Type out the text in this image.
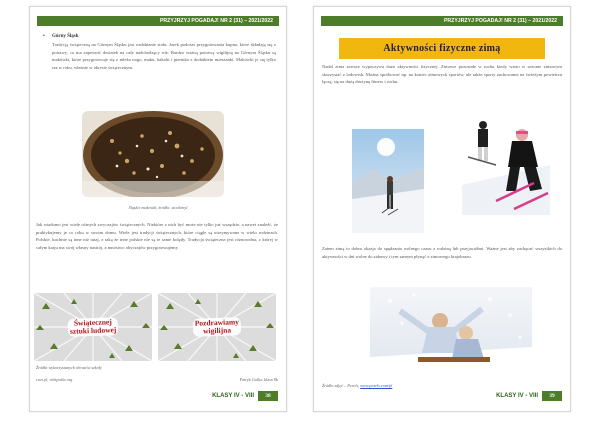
PRZYJRZYJ POGADAJ! NR 2 (31) – 2021/2022
• Górny Śląsk
Tradycją świąteczną na Górnym Śląsku jest ozdabianie stołu. Jarek podczas przygotowania kupna, które składają się z potrawy, co ma zapewnić dostatek na cały nadchodzący rok. Bardzo ważną potrawą wigilijną na Górnym Śląsku są makówki, które przygotowuje się z mleka nogo, maku, bakalii i piernika z dodatkiem mieszanki. Makówki je się tylko raz w roku, właśnie w okresie świątecznym.
Śląskie makówki, źródło: stockimyl
Jak wiadomo jest wiele różnych zwyczajów świątecznych. Niektóre z nich być może nie tylko już wszędzie, a nawet znaleźć, że praktykujemy je co roku w swoim domu. Wiele jest tradycji świątecznych, które ciągle są utrzymywane w wielu rodzinach. Polskie, kuchnie są inne niż tutaj, z taką że inne polskie nie są te same kolędy. Tradycja świąteczna jest różnorodna, z której w całym kraju ma swój własny nastrój, a mnóstwo obyczajów przygotowujemy.
Świątecznej
sztuki ludowej
Pozdrawiamy
wigilijna
Źródła wykorzystanych obrazów szkoły
cnet.pl, wikipedia.org	Patryk Golka, klasa 8b
KLASY IV - VIII	38
PRZYJRZYJ POGADAJ! NR 2 (31) – 2021/2022
Aktywności fizyczne zimą
Nadal zima zawsze wypoczywa dużo aktywności fizycznej. Zimowe pozostałe w ruchu kiedy warto w sezonie zimowym skorzystać z lodowisk. Można spróbować np. na koniec zimowych sportów, ale także sporty zachowania na świeżym powietrzu łączą, się na dużą drużynę fitness i ruchu.
Zatem zimą to dobra okazja do spędzania wolnego czasu z rodziną lub przyjaciółmi. Ważne jest aby zachęcać wszystkich do aktywności w dni wolne do zabawy i tym samym płynąć z zimowego krajobrazu.
Źródło zdjęć – Pexels, www.pexels.com/pl
KLASY IV - VIII	39
